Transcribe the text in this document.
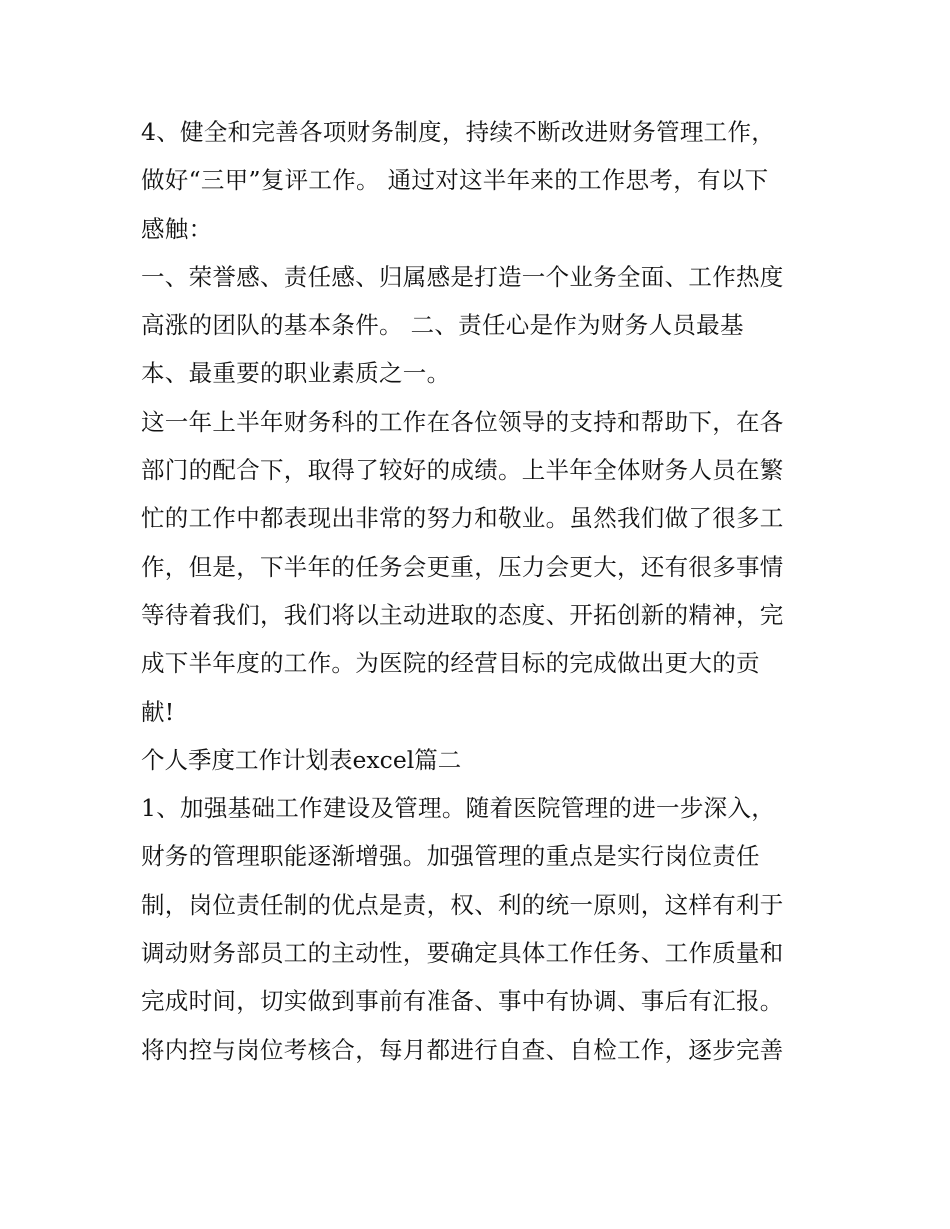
4、健全和完善各项财务制度，持续不断改进财务管理工作，
做好“三甲”复评工作。 通过对这半年来的工作思考，有以下
感触：
一、荣誉感、责任感、归属感是打造一个业务全面、工作热度
高涨的团队的基本条件。 二、责任心是作为财务人员最基
本、最重要的职业素质之一。
这一年上半年财务科的工作在各位领导的支持和帮助下，在各
部门的配合下，取得了较好的成绩。上半年全体财务人员在繁
忙的工作中都表现出非常的努力和敬业。虽然我们做了很多工
作，但是，下半年的任务会更重，压力会更大，还有很多事情
等待着我们，我们将以主动进取的态度、开拓创新的精神，完
成下半年度的工作。为医院的经营目标的完成做出更大的贡
献!
个人季度工作计划表excel篇二
1、加强基础工作建设及管理。随着医院管理的进一步深入，
财务的管理职能逐渐增强。加强管理的重点是实行岗位责任
制，岗位责任制的优点是责，权、利的统一原则，这样有利于
调动财务部员工的主动性，要确定具体工作任务、工作质量和
完成时间，切实做到事前有准备、事中有协调、事后有汇报。
将内控与岗位考核合，每月都进行自查、自检工作，逐步完善
